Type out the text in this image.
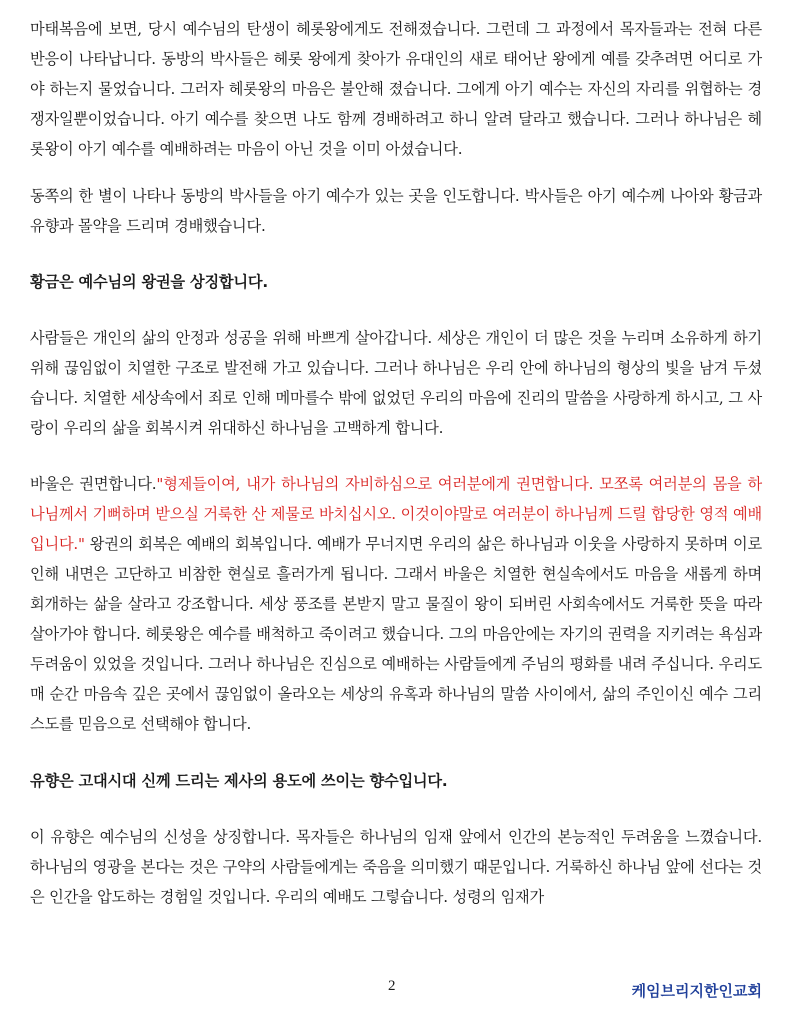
마태복음에 보면, 당시 예수님의 탄생이 헤롯왕에게도 전해졌습니다. 그런데 그 과정에서 목자들과는 전혀 다른 반응이 나타납니다. 동방의 박사들은 헤롯 왕에게 찾아가 유대인의 새로 태어난 왕에게 예를 갖추려면 어디로 가야 하는지 물었습니다. 그러자 헤롯왕의 마음은 불안해 졌습니다. 그에게 아기 예수는 자신의 자리를 위협하는 경쟁자일뿐이었습니다. 아기 예수를 찾으면 나도 함께 경배하려고 하니 알려 달라고 했습니다. 그러나 하나님은 헤롯왕이 아기 예수를 예배하려는 마음이 아닌 것을 이미 아셨습니다.

동쪽의 한 별이 나타나 동방의 박사들을 아기 예수가 있는 곳을 인도합니다. 박사들은 아기 예수께 나아와 황금과 유향과 몰약을 드리며 경배했습니다.

황금은 예수님의 왕권을 상징합니다.

사람들은 개인의 삶의 안정과 성공을 위해 바쁘게 살아갑니다. 세상은 개인이 더 많은 것을 누리며 소유하게 하기 위해 끊임없이 치열한 구조로 발전해 가고 있습니다. 그러나 하나님은 우리 안에 하나님의 형상의 빛을 남겨 두셨습니다. 치열한 세상속에서 죄로 인해 메마를수 밖에 없었던 우리의 마음에 진리의 말씀을 사랑하게 하시고, 그 사랑이 우리의 삶을 회복시켜 위대하신 하나님을 고백하게 합니다.

바울은 권면합니다."형제들이여, 내가 하나님의 자비하심으로 여러분에게 권면합니다. 모쪼록 여러분의 몸을 하나님께서 기뻐하며 받으실 거룩한 산 제물로 바치십시오. 이것이야말로 여러분이 하나님께 드릴 합당한 영적 예배입니다." 왕권의 회복은 예배의 회복입니다. 예배가 무너지면 우리의 삶은 하나님과 이웃을 사랑하지 못하며 이로 인해 내면은 고단하고 비참한 현실로 흘러가게 됩니다. 그래서 바울은 치열한 현실속에서도 마음을 새롭게 하며 회개하는 삶을 살라고 강조합니다. 세상 풍조를 본받지 말고 물질이 왕이 되버린 사회속에서도 거룩한 뜻을 따라 살아가야 합니다. 헤롯왕은 예수를 배척하고 죽이려고 했습니다. 그의 마음안에는 자기의 권력을 지키려는 욕심과 두려움이 있었을 것입니다. 그러나 하나님은 진심으로 예배하는 사람들에게 주님의 평화를 내려 주십니다. 우리도 매 순간 마음속 깊은 곳에서 끊임없이 올라오는 세상의 유혹과 하나님의 말씀 사이에서, 삶의 주인이신 예수 그리스도를 믿음으로 선택해야 합니다.

유향은 고대시대 신께 드리는 제사의 용도에 쓰이는 향수입니다.

이 유향은 예수님의 신성을 상징합니다. 목자들은 하나님의 임재 앞에서 인간의 본능적인 두려움을 느꼈습니다. 하나님의 영광을 본다는 것은 구약의 사람들에게는 죽음을 의미했기 때문입니다. 거룩하신 하나님 앞에 선다는 것은 인간을 압도하는 경험일 것입니다. 우리의 예배도 그렇습니다. 성령의 임재가

2	케임브리지한인교회
